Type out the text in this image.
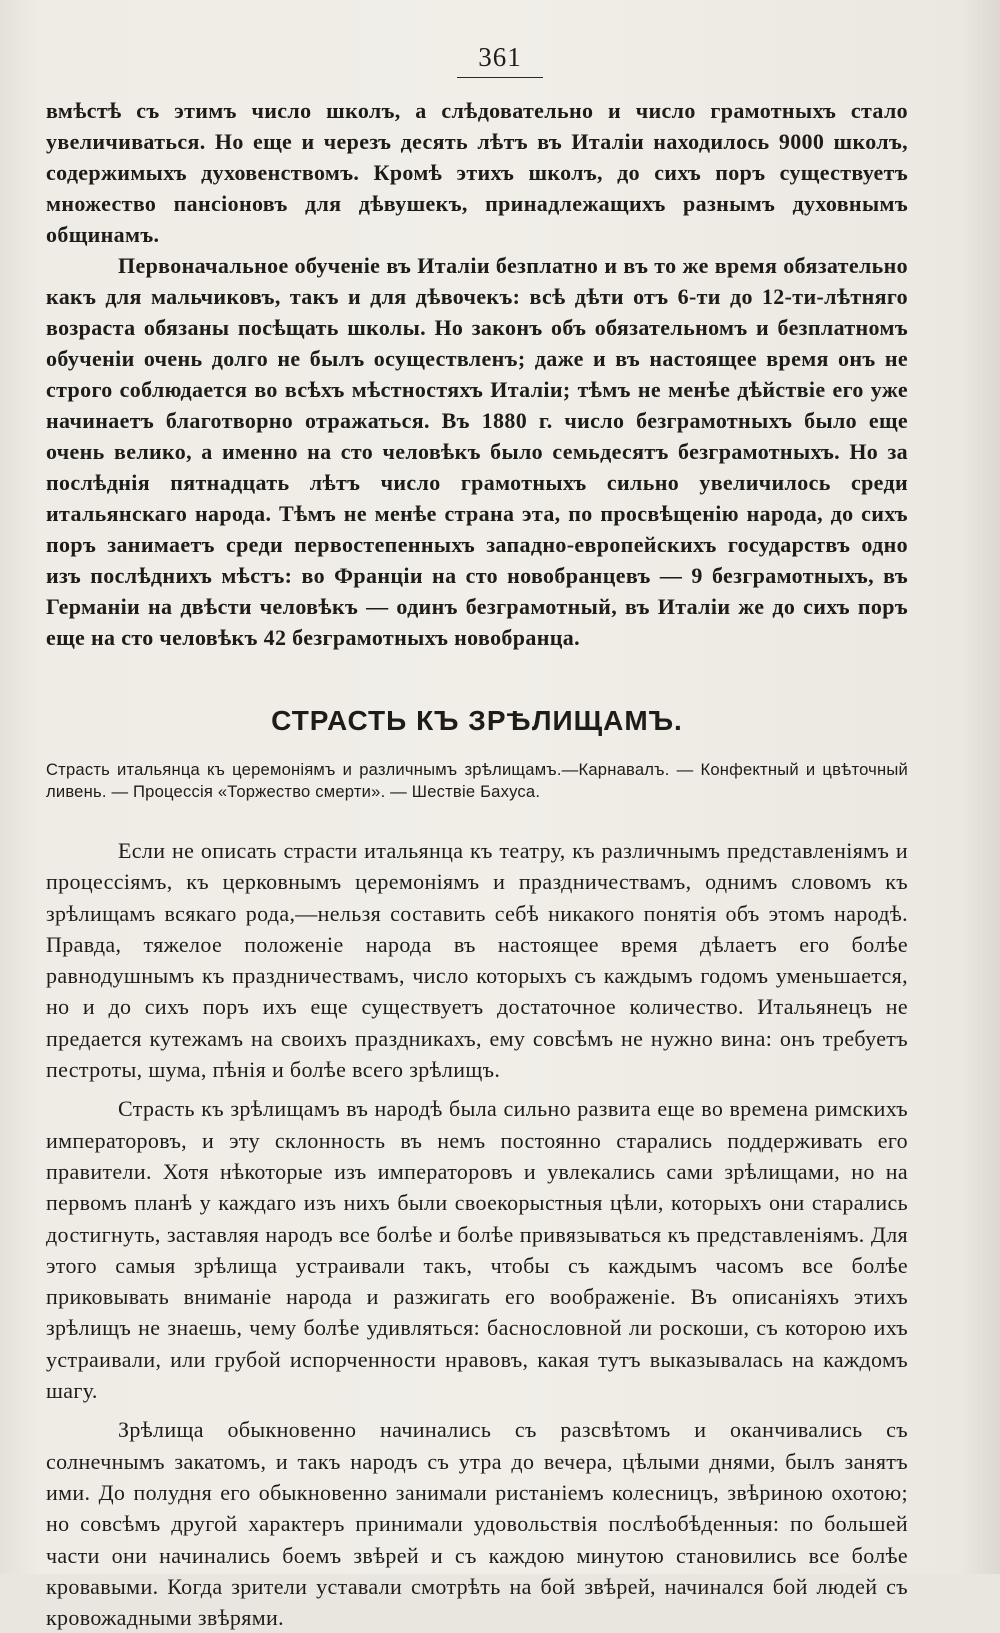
361

вмѣстѣ съ этимъ число школъ, а слѣдовательно и число грамотныхъ стало увеличиваться. Но еще и черезъ десять лѣтъ въ Италіи находилось 9000 школъ, содержимыхъ духовенствомъ. Кромѣ этихъ школъ, до сихъ поръ существуетъ множество пансіоновъ для дѣвушекъ, принадлежащихъ разнымъ духовнымъ общинамъ.

Первоначальное обученіе въ Италіи безплатно и въ то же время обязательно какъ для мальчиковъ, такъ и для дѣвочекъ: всѣ дѣти отъ 6-ти до 12-ти-лѣтняго возраста обязаны посѣщать школы. Но законъ объ обязательномъ и безплатномъ обученіи очень долго не былъ осуществленъ; даже и въ настоящее время онъ не строго соблюдается во всѣхъ мѣстностяхъ Италіи; тѣмъ не менѣе дѣйствіе его уже начинаетъ благотворно отражаться. Въ 1880 г. число безграмотныхъ было еще очень велико, а именно на сто человѣкъ было семьдесятъ безграмотныхъ. Но за послѣднія пятнадцать лѣтъ число грамотныхъ сильно увеличилось среди итальянскаго народа. Тѣмъ не менѣе страна эта, по просвѣщенію народа, до сихъ поръ занимаетъ среди первостепенныхъ западно-европейскихъ государствъ одно изъ послѣднихъ мѣстъ: во Франціи на сто новобранцевъ — 9 безграмотныхъ, въ Германіи на двѣсти человѣкъ — одинъ безграмотный, въ Италіи же до сихъ поръ еще на сто человѣкъ 42 безграмотныхъ новобранца.

СТРАСТЬ КЪ ЗРѢЛИЩАМЪ.
Страсть итальянца къ церемоніямъ и различнымъ зрѣлищамъ.—Карнавалъ. — Конфектный и цвѣточный ливень. — Процессія «Торжество смерти». — Шествіе Бахуса.

Если не описать страсти итальянца къ театру, къ различнымъ представленіямъ и процессіямъ, къ церковнымъ церемоніямъ и праздничествамъ, однимъ словомъ къ зрѣлищамъ всякаго рода,—нельзя составить себѣ никакого понятія объ этомъ народѣ. Правда, тяжелое положеніе народа въ настоящее время дѣлаетъ его болѣе равнодушнымъ къ праздничествамъ, число которыхъ съ каждымъ годомъ уменьшается, но и до сихъ поръ ихъ еще существуетъ достаточное количество. Итальянецъ не предается кутежамъ на своихъ праздникахъ, ему совсѣмъ не нужно вина: онъ требуетъ пестроты, шума, пѣнія и болѣе всего зрѣлищъ.

Страсть къ зрѣлищамъ въ народѣ была сильно развита еще во времена римскихъ императоровъ, и эту склонность въ немъ постоянно старались поддерживать его правители. Хотя нѣкоторые изъ императоровъ и увлекались сами зрѣлищами, но на первомъ планѣ у каждаго изъ нихъ были своекорыстныя цѣли, которыхъ они старались достигнуть, заставляя народъ все болѣе и болѣе привязываться къ представленіямъ. Для этого самыя зрѣлища устраивали такъ, чтобы съ каждымъ часомъ все болѣе приковывать вниманіе народа и разжигать его воображеніе. Въ описаніяхъ этихъ зрѣлищъ не знаешь, чему болѣе удивляться: баснословной ли роскоши, съ которою ихъ устраивали, или грубой испорченности нравовъ, какая тутъ выказывалась на каждомъ шагу.

Зрѣлища обыкновенно начинались съ разсвѣтомъ и оканчивались съ солнечнымъ закатомъ, и такъ народъ съ утра до вечера, цѣлыми днями, былъ занятъ ими. До полудня его обыкновенно занимали ристаніемъ колесницъ, звѣриною охотою; но совсѣмъ другой характеръ принимали удовольствія послѣобѣденныя: по большей части они начинались боемъ звѣрей и съ каждою минутою становились все болѣе кровавыми. Когда зрители уставали смотрѣть на бой звѣрей, начинался бой людей съ кровожадными звѣрями.
